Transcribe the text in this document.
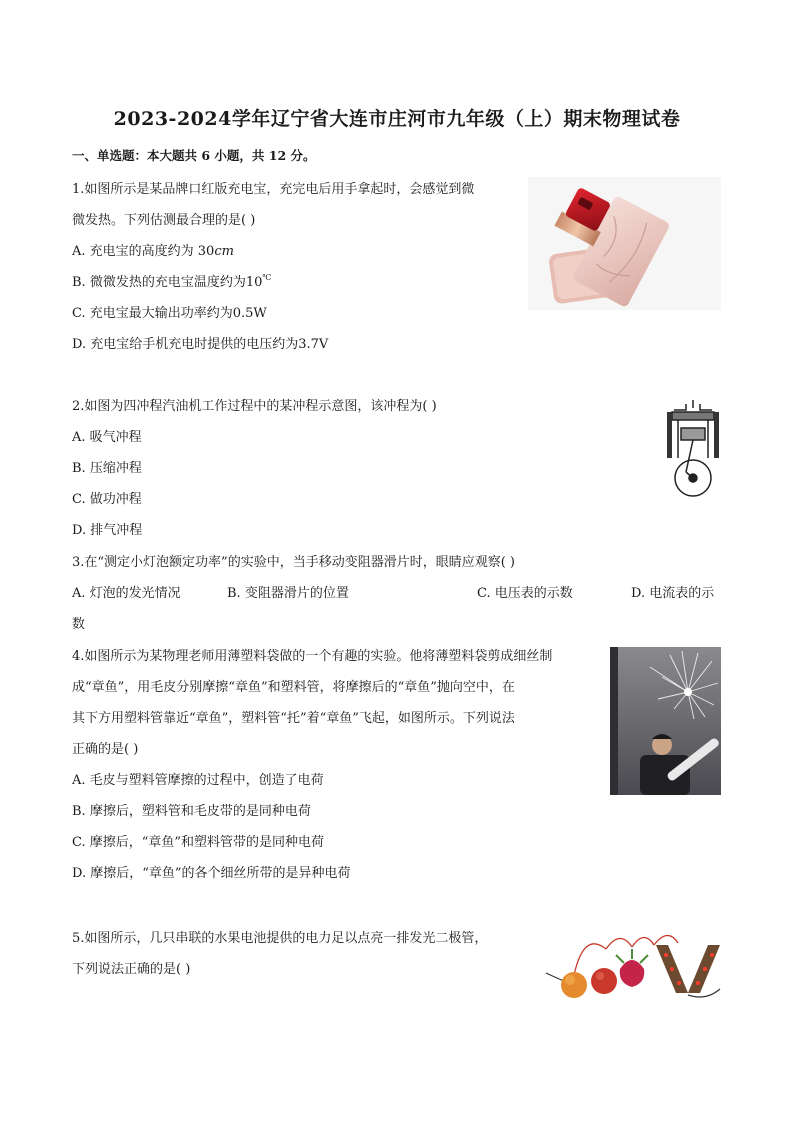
2023-2024学年辽宁省大连市庄河市九年级（上）期末物理试卷
一、单选题：本大题共 6 小题，共 12 分。
1.如图所示是某品牌口红版充电宝，充完电后用手拿起时，会感觉到微
微发热。下列估测最合理的是( )
A. 充电宝的高度约为 30cm
B. 微微发热的充电宝温度约为10℃
C. 充电宝最大输出功率约为0.5W
D. 充电宝给手机充电时提供的电压约为3.7V
2.如图为四冲程汽油机工作过程中的某冲程示意图，该冲程为( )
A. 吸气冲程
B. 压缩冲程
C. 做功冲程
D. 排气冲程
3.在“测定小灯泡额定功率”的实验中，当手移动变阻器滑片时，眼睛应观察( )
A. 灯泡的发光情况	B. 变阻器滑片的位置	C. 电压表的示数	D. 电流表的示
数
4.如图所示为某物理老师用薄塑料袋做的一个有趣的实验。他将薄塑料袋剪成细丝制
成“章鱼”，用毛皮分别摩擦“章鱼”和塑料管，将摩擦后的“章鱼”抛向空中，在
其下方用塑料管靠近“章鱼”，塑料管“托”着“章鱼”飞起，如图所示。下列说法
正确的是( )
A. 毛皮与塑料管摩擦的过程中，创造了电荷
B. 摩擦后，塑料管和毛皮带的是同种电荷
C. 摩擦后，“章鱼”和塑料管带的是同种电荷
D. 摩擦后，“章鱼”的各个细丝所带的是异种电荷
5.如图所示，几只串联的水果电池提供的电力足以点亮一排发光二极管，
下列说法正确的是( )
